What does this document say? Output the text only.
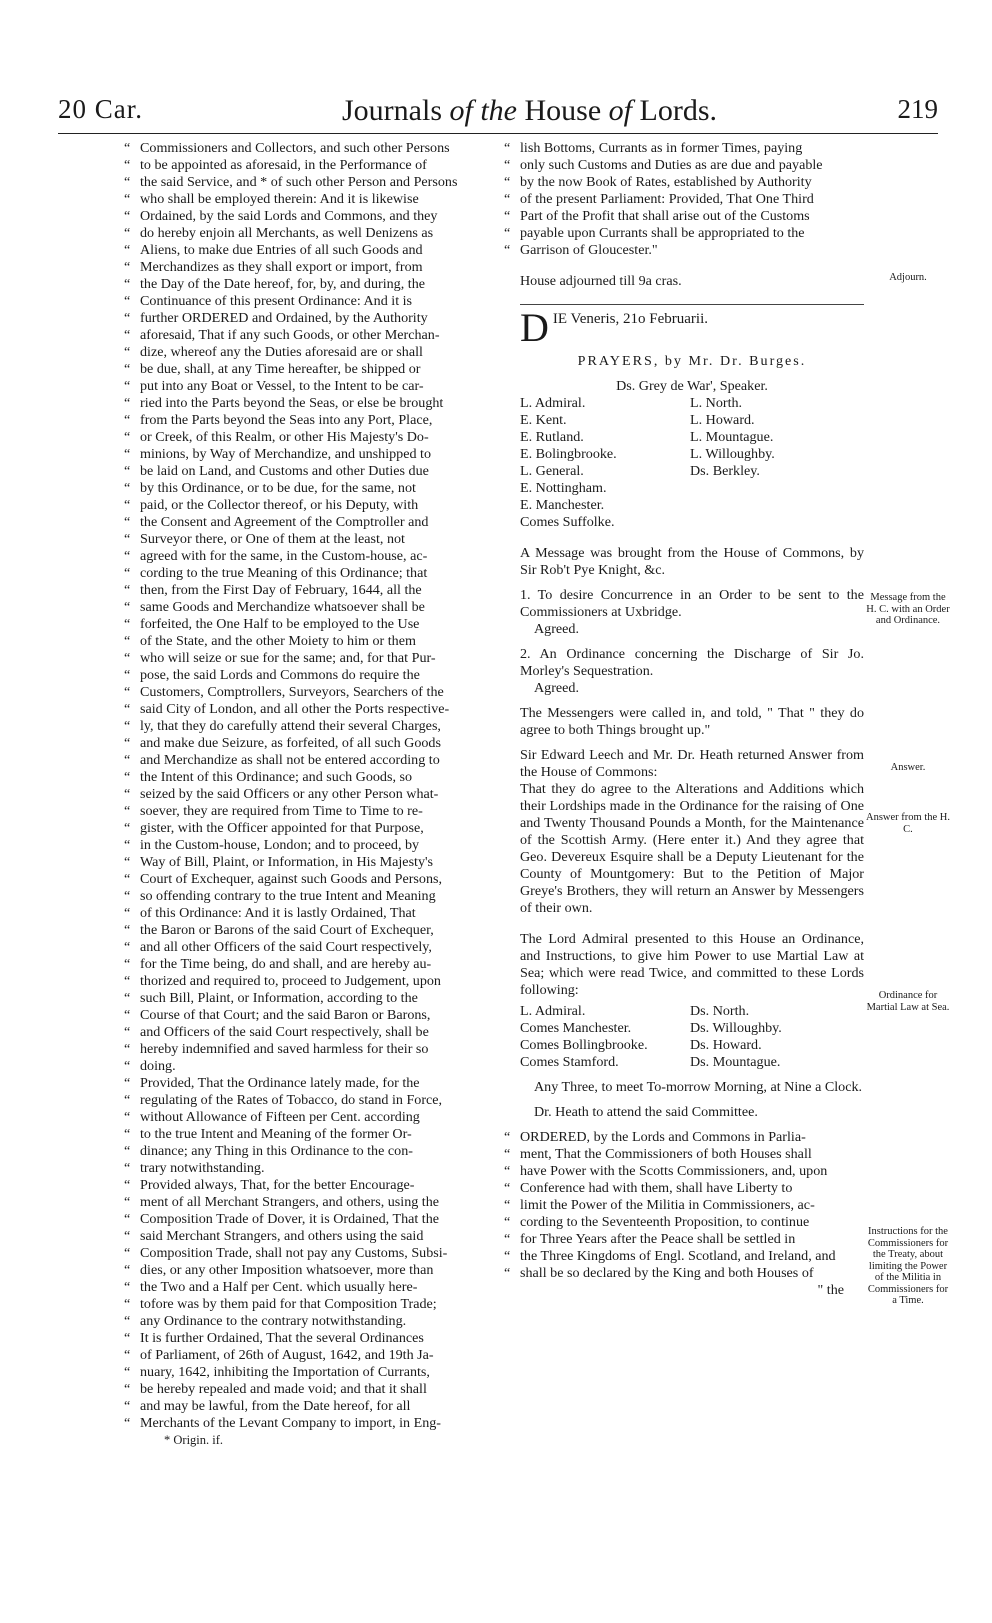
20 Car.	Journals of the House of Lords.	219

“ Commissioners and Collectors, and such other Persons

“ to be appointed as aforesaid, in the Performance of

“ the said Service, and * of such other Person and Persons

“ who shall be employed therein: And it is likewise

“ Ordained, by the said Lords and Commons, and they

“ do hereby enjoin all Merchants, as well Denizens as

“ Aliens, to make due Entries of all such Goods and

“ Merchandizes as they shall export or import, from

“ the Day of the Date hereof, for, by, and during, the

“ Continuance of this present Ordinance: And it is

“ further ORDERED and Ordained, by the Authority

“ aforesaid, That if any such Goods, or other Merchan-

“ dize, whereof any the Duties aforesaid are or shall

“ be due, shall, at any Time hereafter, be shipped or

“ put into any Boat or Vessel, to the Intent to be car-

“ ried into the Parts beyond the Seas, or else be brought

“ from the Parts beyond the Seas into any Port, Place,

“ or Creek, of this Realm, or other His Majesty's Do-

“ minions, by Way of Merchandize, and unshipped to

“ be laid on Land, and Customs and other Duties due

“ by this Ordinance, or to be due, for the same, not

“ paid, or the Collector thereof, or his Deputy, with

“ the Consent and Agreement of the Comptroller and

“ Surveyor there, or One of them at the least, not

“ agreed with for the same, in the Custom-house, ac-

“ cording to the true Meaning of this Ordinance; that

“ then, from the First Day of February, 1644, all the

“ same Goods and Merchandize whatsoever shall be

“ forfeited, the One Half to be employed to the Use

“ of the State, and the other Moiety to him or them

“ who will seize or sue for the same; and, for that Pur-

“ pose, the said Lords and Commons do require the

“ Customers, Comptrollers, Surveyors, Searchers of the

“ said City of London, and all other the Ports respective-

“ ly, that they do carefully attend their several Charges,

“ and make due Seizure, as forfeited, of all such Goods

“ and Merchandize as shall not be entered according to

“ the Intent of this Ordinance; and such Goods, so

“ seized by the said Officers or any other Person what-

“ soever, they are required from Time to Time to re-

“ gister, with the Officer appointed for that Purpose,

“ in the Custom-house, London; and to proceed, by

“ Way of Bill, Plaint, or Information, in His Majesty's

“ Court of Exchequer, against such Goods and Persons,

“ so offending contrary to the true Intent and Meaning

“ of this Ordinance: And it is lastly Ordained, That

“ the Baron or Barons of the said Court of Exchequer,

“ and all other Officers of the said Court respectively,

“ for the Time being, do and shall, and are hereby au-

“ thorized and required to, proceed to Judgement, upon

“ such Bill, Plaint, or Information, according to the

“ Course of that Court; and the said Baron or Barons,

“ and Officers of the said Court respectively, shall be

“ hereby indemnified and saved harmless for their so

“ doing.

“ Provided, That the Ordinance lately made, for the

“ regulating of the Rates of Tobacco, do stand in Force,

“ without Allowance of Fifteen per Cent. according

“ to the true Intent and Meaning of the former Or-

“ dinance; any Thing in this Ordinance to the con-

“ trary notwithstanding.

“ Provided always, That, for the better Encourage-

“ ment of all Merchant Strangers, and others, using the

“ Composition Trade of Dover, it is Ordained, That the

“ said Merchant Strangers, and others using the said

“ Composition Trade, shall not pay any Customs, Subsi-

“ dies, or any other Imposition whatsoever, more than

“ the Two and a Half per Cent. which usually here-

“ tofore was by them paid for that Composition Trade;

“ any Ordinance to the contrary notwithstanding.

“ It is further Ordained, That the several Ordinances

“ of Parliament, of 26th of August, 1642, and 19th Ja-

“ nuary, 1642, inhibiting the Importation of Currants,

“ be hereby repealed and made void; and that it shall

“ and may be lawful, from the Date hereof, for all

“ Merchants of the Levant Company to import, in Eng-

* Origin. if.

“ lish Bottoms, Currants as in former Times, paying

“ only such Customs and Duties as are due and payable

“ by the now Book of Rates, established by Authority

“ of the present Parliament: Provided, That One Third

“ Part of the Profit that shall arise out of the Customs

“ payable upon Currants shall be appropriated to the

“ Garrison of Gloucester."

House adjourned till 9a cras.

DIE Veneris, 21o Februarii.

PRAYERS, by Mr. Dr. Burges.

Ds. Grey de War', Speaker.

L. Admiral.

E. Kent.

E. Rutland.

E. Bolingbrooke.

L. General.

E. Nottingham.

E. Manchester.

Comes Suffolke.

L. North.

L. Howard.

L. Mountague.

L. Willoughby.

Ds. Berkley.

A Message was brought from the House of Commons, by Sir Rob't Pye Knight, &c.

1. To desire Concurrence in an Order to be sent to the Commissioners at Uxbridge.

Agreed.

2. An Ordinance concerning the Discharge of Sir Jo. Morley's Sequestration.

Agreed.

The Messengers were called in, and told, " That " they do agree to both Things brought up."

Sir Edward Leech and Mr. Dr. Heath returned Answer from the House of Commons:

That they do agree to the Alterations and Additions which their Lordships made in the Ordinance for the raising of One and Twenty Thousand Pounds a Month, for the Maintenance of the Scottish Army. (Here enter it.) And they agree that Geo. Devereux Esquire shall be a Deputy Lieutenant for the County of Mountgomery: But to the Petition of Major Greye's Brothers, they will return an Answer by Messengers of their own.

The Lord Admiral presented to this House an Ordinance, and Instructions, to give him Power to use Martial Law at Sea; which were read Twice, and committed to these Lords following:

L. Admiral.

Comes Manchester.

Comes Bollingbrooke.

Comes Stamford.

Ds. North.

Ds. Willoughby.

Ds. Howard.

Ds. Mountague.

Any Three, to meet To-morrow Morning, at Nine a Clock.

Dr. Heath to attend the said Committee.

“ ORDERED, by the Lords and Commons in Parlia-

“ ment, That the Commissioners of both Houses shall

“ have Power with the Scotts Commissioners, and, upon

“ Conference had with them, shall have Liberty to

“ limit the Power of the Militia in Commissioners, ac-

“ cording to the Seventeenth Proposition, to continue

“ for Three Years after the Peace shall be settled in

“ the Three Kingdoms of Engl. Scotland, and Ireland, and

“ shall be so declared by the King and both Houses of

" the

Adjourn.
Message from the H. C. with an Order and Ordinance.
Answer.
Answer from the H. C.
Ordinance for Martial Law at Sea.
Instructions for the Commissioners for the Treaty, about limiting the Power of the Militia in Commissioners for a Time.
